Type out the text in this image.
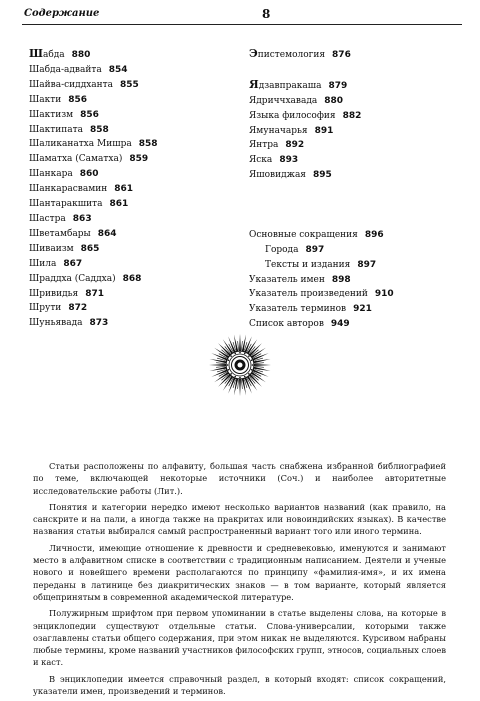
Содержание	8
Шабда 880
Шабда-адвайта 854
Шайва-сиддханта 855
Шакти 856
Шактизм 856
Шактипата 858
Шаликанатха Мишра 858
Шаматха (Саматха) 859
Шанкара 860
Шанкарасвамин 861
Шантаракшита 861
Шастра 863
Шветамбары 864
Шиваизм 865
Шила 867
Шраддха (Саддха) 868
Шривидья 871
Шрути 872
Шуньявада 873
Эпистемология 876
Ядзавпракаша 879
Ядриччхавада 880
Языка философия 882
Ямуначарья 891
Янтра 892
Яска 893
Яшовиджая 895
Основные сокращения 896
Города 897
Тексты и издания 897
Указатель имен 898
Указатель произведений 910
Указатель терминов 921
Список авторов 949

Статьи расположены по алфавиту, большая часть снабжена избранной библиографией по теме, включающей некоторые источники (Соч.) и наиболее авторитетные исследовательские работы (Лит.).

Понятия и категории нередко имеют несколько вариантов названий (как правило, на санскрите и на пали, а иногда также на пракритах или новоиндийских языках). В качестве названия статьи выбирался самый распространенный вариант того или иного термина.

Личности, имеющие отношение к древности и средневековью, именуются и занимают место в алфавитном списке в соответствии с традиционным написанием. Деятели и ученые нового и новейшего времени располагаются по принципу «фамилия-имя», и их имена переданы в латинице без диакритических знаков — в том варианте, который является общепринятым в современной академической литературе.

Полужирным шрифтом при первом упоминании в статье выделены слова, на которые в энциклопедии существуют отдельные статьи. Слова-универсалии, которыми также озаглавлены статьи общего содержания, при этом никак не выделяются. Курсивом набраны любые термины, кроме названий участников философских групп, этносов, социальных слоев и каст.

В энциклопедии имеется справочный раздел, в который входят: список сокращений, указатели имен, произведений и терминов.
